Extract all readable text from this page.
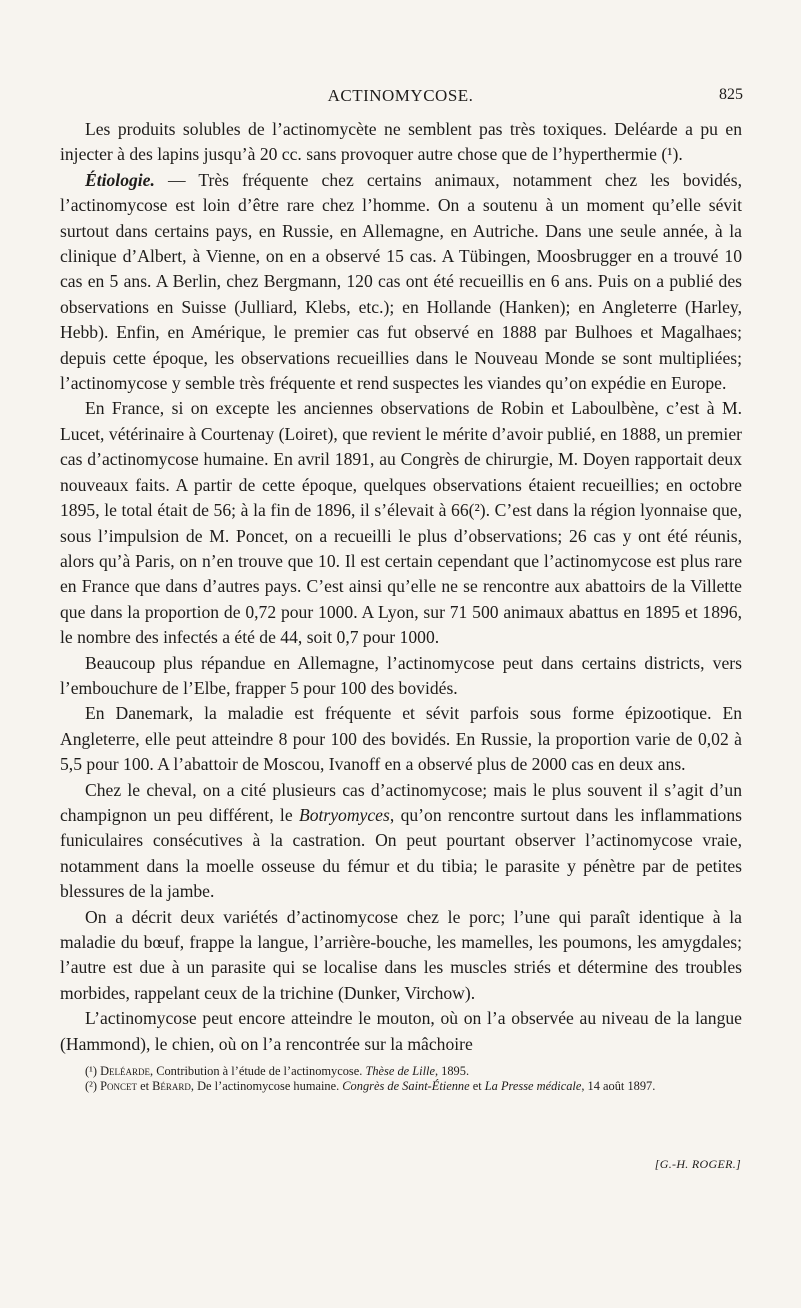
ACTINOMYCOSE.	825

Les produits solubles de l’actinomycète ne semblent pas très toxiques. Deléarde a pu en injecter à des lapins jusqu’à 20 cc. sans provoquer autre chose que de l’hyperthermie (¹).

Étiologie. — Très fréquente chez certains animaux, notamment chez les bovidés, l’actinomycose est loin d’être rare chez l’homme. On a soutenu à un moment qu’elle sévit surtout dans certains pays, en Russie, en Allemagne, en Autriche. Dans une seule année, à la clinique d’Albert, à Vienne, on en a observé 15 cas. A Tübingen, Moosbrugger en a trouvé 10 cas en 5 ans. A Berlin, chez Bergmann, 120 cas ont été recueillis en 6 ans. Puis on a publié des observations en Suisse (Julliard, Klebs, etc.); en Hollande (Hanken); en Angleterre (Harley, Hebb). Enfin, en Amérique, le premier cas fut observé en 1888 par Bulhoes et Magalhaes; depuis cette époque, les observations recueillies dans le Nouveau Monde se sont multipliées; l’actinomycose y semble très fréquente et rend suspectes les viandes qu’on expédie en Europe.

En France, si on excepte les anciennes observations de Robin et Laboulbène, c’est à M. Lucet, vétérinaire à Courtenay (Loiret), que revient le mérite d’avoir publié, en 1888, un premier cas d’actinomycose humaine. En avril 1891, au Congrès de chirurgie, M. Doyen rapportait deux nouveaux faits. A partir de cette époque, quelques observations étaient recueillies; en octobre 1895, le total était de 56; à la fin de 1896, il s’élevait à 66(²). C’est dans la région lyonnaise que, sous l’impulsion de M. Poncet, on a recueilli le plus d’observations; 26 cas y ont été réunis, alors qu’à Paris, on n’en trouve que 10. Il est certain cependant que l’actinomycose est plus rare en France que dans d’autres pays. C’est ainsi qu’elle ne se rencontre aux abattoirs de la Villette que dans la proportion de 0,72 pour 1000. A Lyon, sur 71 500 animaux abattus en 1895 et 1896, le nombre des infectés a été de 44, soit 0,7 pour 1000.

Beaucoup plus répandue en Allemagne, l’actinomycose peut dans certains districts, vers l’embouchure de l’Elbe, frapper 5 pour 100 des bovidés.

En Danemark, la maladie est fréquente et sévit parfois sous forme épizootique. En Angleterre, elle peut atteindre 8 pour 100 des bovidés. En Russie, la proportion varie de 0,02 à 5,5 pour 100. A l’abattoir de Moscou, Ivanoff en a observé plus de 2000 cas en deux ans.

Chez le cheval, on a cité plusieurs cas d’actinomycose; mais le plus souvent il s’agit d’un champignon un peu différent, le Botryomyces, qu’on rencontre surtout dans les inflammations funiculaires consécutives à la castration. On peut pourtant observer l’actinomycose vraie, notamment dans la moelle osseuse du fémur et du tibia; le parasite y pénètre par de petites blessures de la jambe.

On a décrit deux variétés d’actinomycose chez le porc; l’une qui paraît identique à la maladie du bœuf, frappe la langue, l’arrière-bouche, les mamelles, les poumons, les amygdales; l’autre est due à un parasite qui se localise dans les muscles striés et détermine des troubles morbides, rappelant ceux de la trichine (Dunker, Virchow).

L’actinomycose peut encore atteindre le mouton, où on l’a observée au niveau de la langue (Hammond), le chien, où on l’a rencontrée sur la mâchoire

(¹) Deléarde, Contribution à l’étude de l’actinomycose. Thèse de Lille, 1895.

(²) Poncet et Bérard, De l’actinomycose humaine. Congrès de Saint-Étienne et La Presse médicale, 14 août 1897.

[G.-H. ROGER.]
